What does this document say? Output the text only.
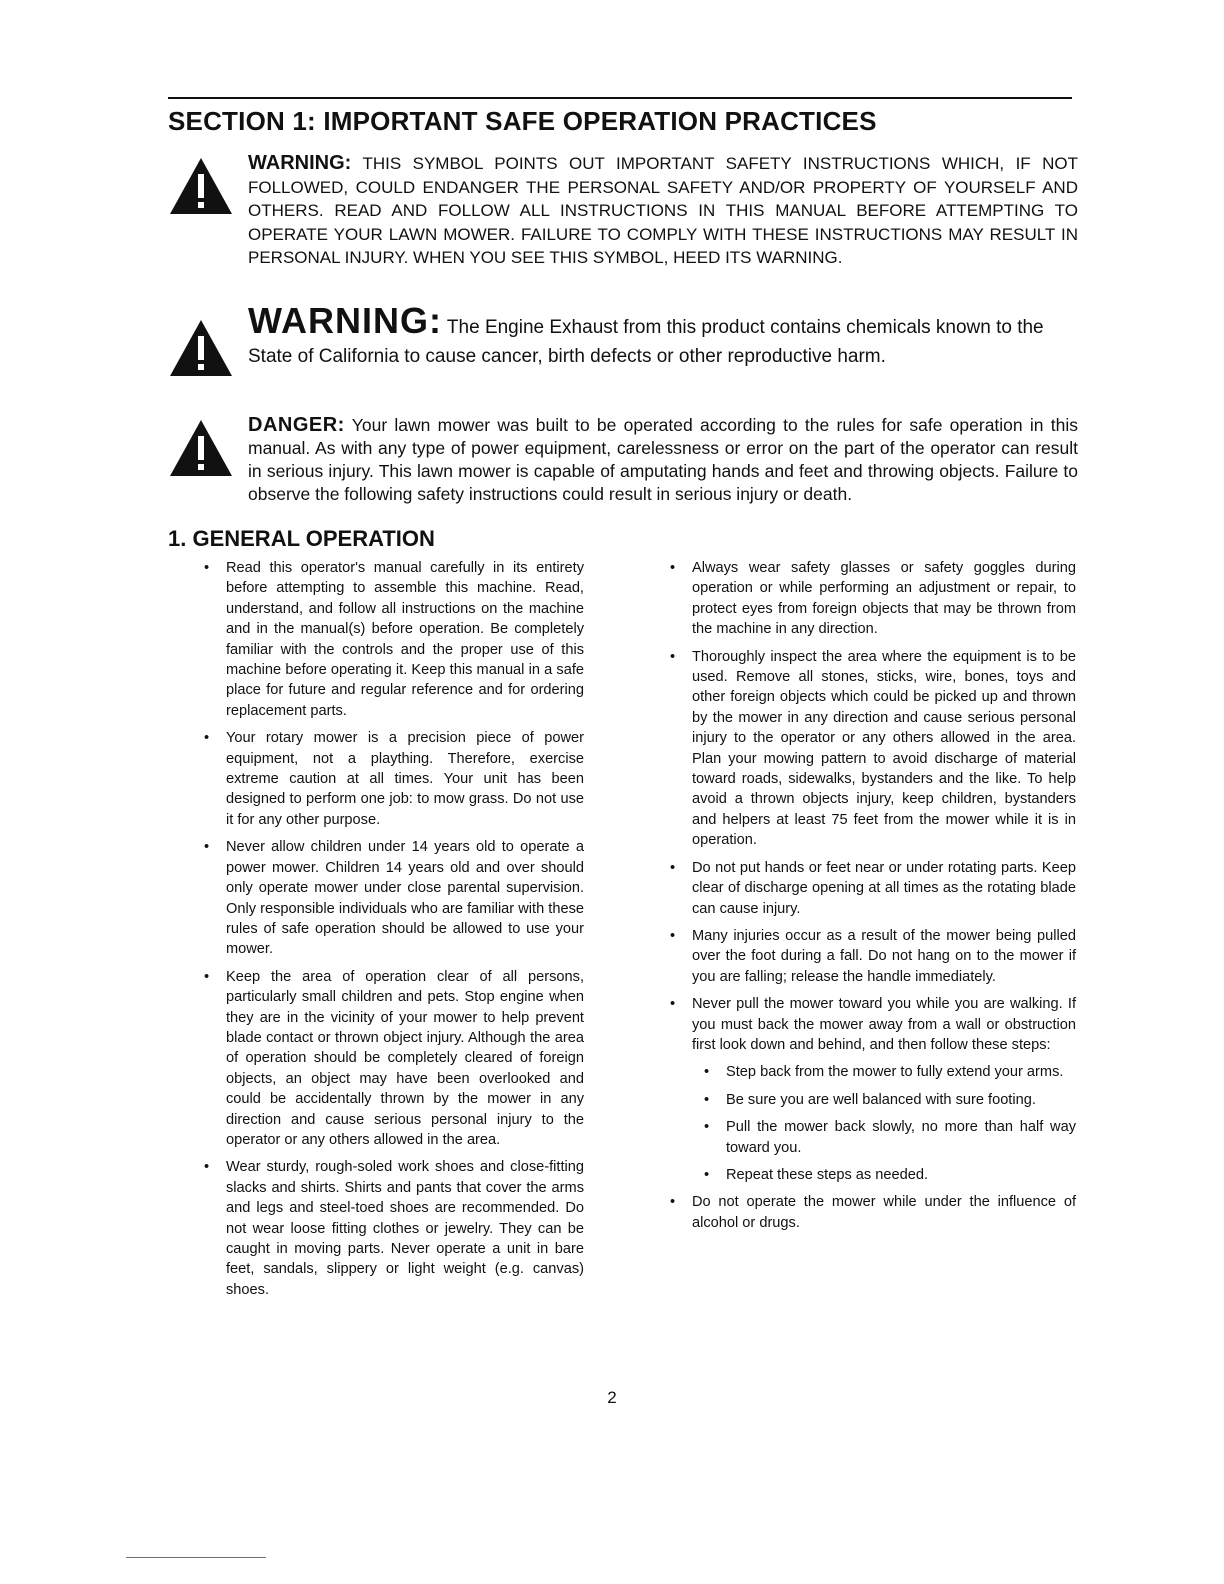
SECTION 1: IMPORTANT SAFE OPERATION PRACTICES
WARNING: THIS SYMBOL POINTS OUT IMPORTANT SAFETY INSTRUCTIONS WHICH, IF NOT FOLLOWED, COULD ENDANGER THE PERSONAL SAFETY AND/OR PROPERTY OF YOURSELF AND OTHERS. READ AND FOLLOW ALL INSTRUCTIONS IN THIS MANUAL BEFORE ATTEMPTING TO OPERATE YOUR LAWN MOWER. FAILURE TO COMPLY WITH THESE INSTRUCTIONS MAY RESULT IN PERSONAL INJURY. WHEN YOU SEE THIS SYMBOL, HEED ITS WARNING.
WARNING: The Engine Exhaust from this product contains chemicals known to the State of California to cause cancer, birth defects or other reproductive harm.
DANGER: Your lawn mower was built to be operated according to the rules for safe operation in this manual. As with any type of power equipment, carelessness or error on the part of the operator can result in serious injury. This lawn mower is capable of amputating hands and feet and throwing objects. Failure to observe the following safety instructions could result in serious injury or death.
1. GENERAL OPERATION
• Read this operator's manual carefully in its entirety before attempting to assemble this machine. Read, understand, and follow all instructions on the machine and in the manual(s) before operation. Be completely familiar with the controls and the proper use of this machine before operating it. Keep this manual in a safe place for future and regular reference and for ordering replacement parts.
• Your rotary mower is a precision piece of power equipment, not a plaything. Therefore, exercise extreme caution at all times. Your unit has been designed to perform one job: to mow grass. Do not use it for any other purpose.
• Never allow children under 14 years old to operate a power mower. Children 14 years old and over should only operate mower under close parental supervision. Only responsible individuals who are familiar with these rules of safe operation should be allowed to use your mower.
• Keep the area of operation clear of all persons, particularly small children and pets. Stop engine when they are in the vicinity of your mower to help prevent blade contact or thrown object injury. Although the area of operation should be completely cleared of foreign objects, an object may have been overlooked and could be accidentally thrown by the mower in any direction and cause serious personal injury to the operator or any others allowed in the area.
• Wear sturdy, rough-soled work shoes and close-fitting slacks and shirts. Shirts and pants that cover the arms and legs and steel-toed shoes are recommended. Do not wear loose fitting clothes or jewelry. They can be caught in moving parts. Never operate a unit in bare feet, sandals, slippery or light weight (e.g. canvas) shoes.
• Always wear safety glasses or safety goggles during operation or while performing an adjustment or repair, to protect eyes from foreign objects that may be thrown from the machine in any direction.
• Thoroughly inspect the area where the equipment is to be used. Remove all stones, sticks, wire, bones, toys and other foreign objects which could be picked up and thrown by the mower in any direction and cause serious personal injury to the operator or any others allowed in the area. Plan your mowing pattern to avoid discharge of material toward roads, sidewalks, bystanders and the like. To help avoid a thrown objects injury, keep children, bystanders and helpers at least 75 feet from the mower while it is in operation.
• Do not put hands or feet near or under rotating parts. Keep clear of discharge opening at all times as the rotating blade can cause injury.
• Many injuries occur as a result of the mower being pulled over the foot during a fall. Do not hang on to the mower if you are falling; release the handle immediately.
• Never pull the mower toward you while you are walking. If you must back the mower away from a wall or obstruction first look down and behind, and then follow these steps:
• Step back from the mower to fully extend your arms.
• Be sure you are well balanced with sure footing.
• Pull the mower back slowly, no more than half way toward you.
• Repeat these steps as needed.
• Do not operate the mower while under the influence of alcohol or drugs.
2
